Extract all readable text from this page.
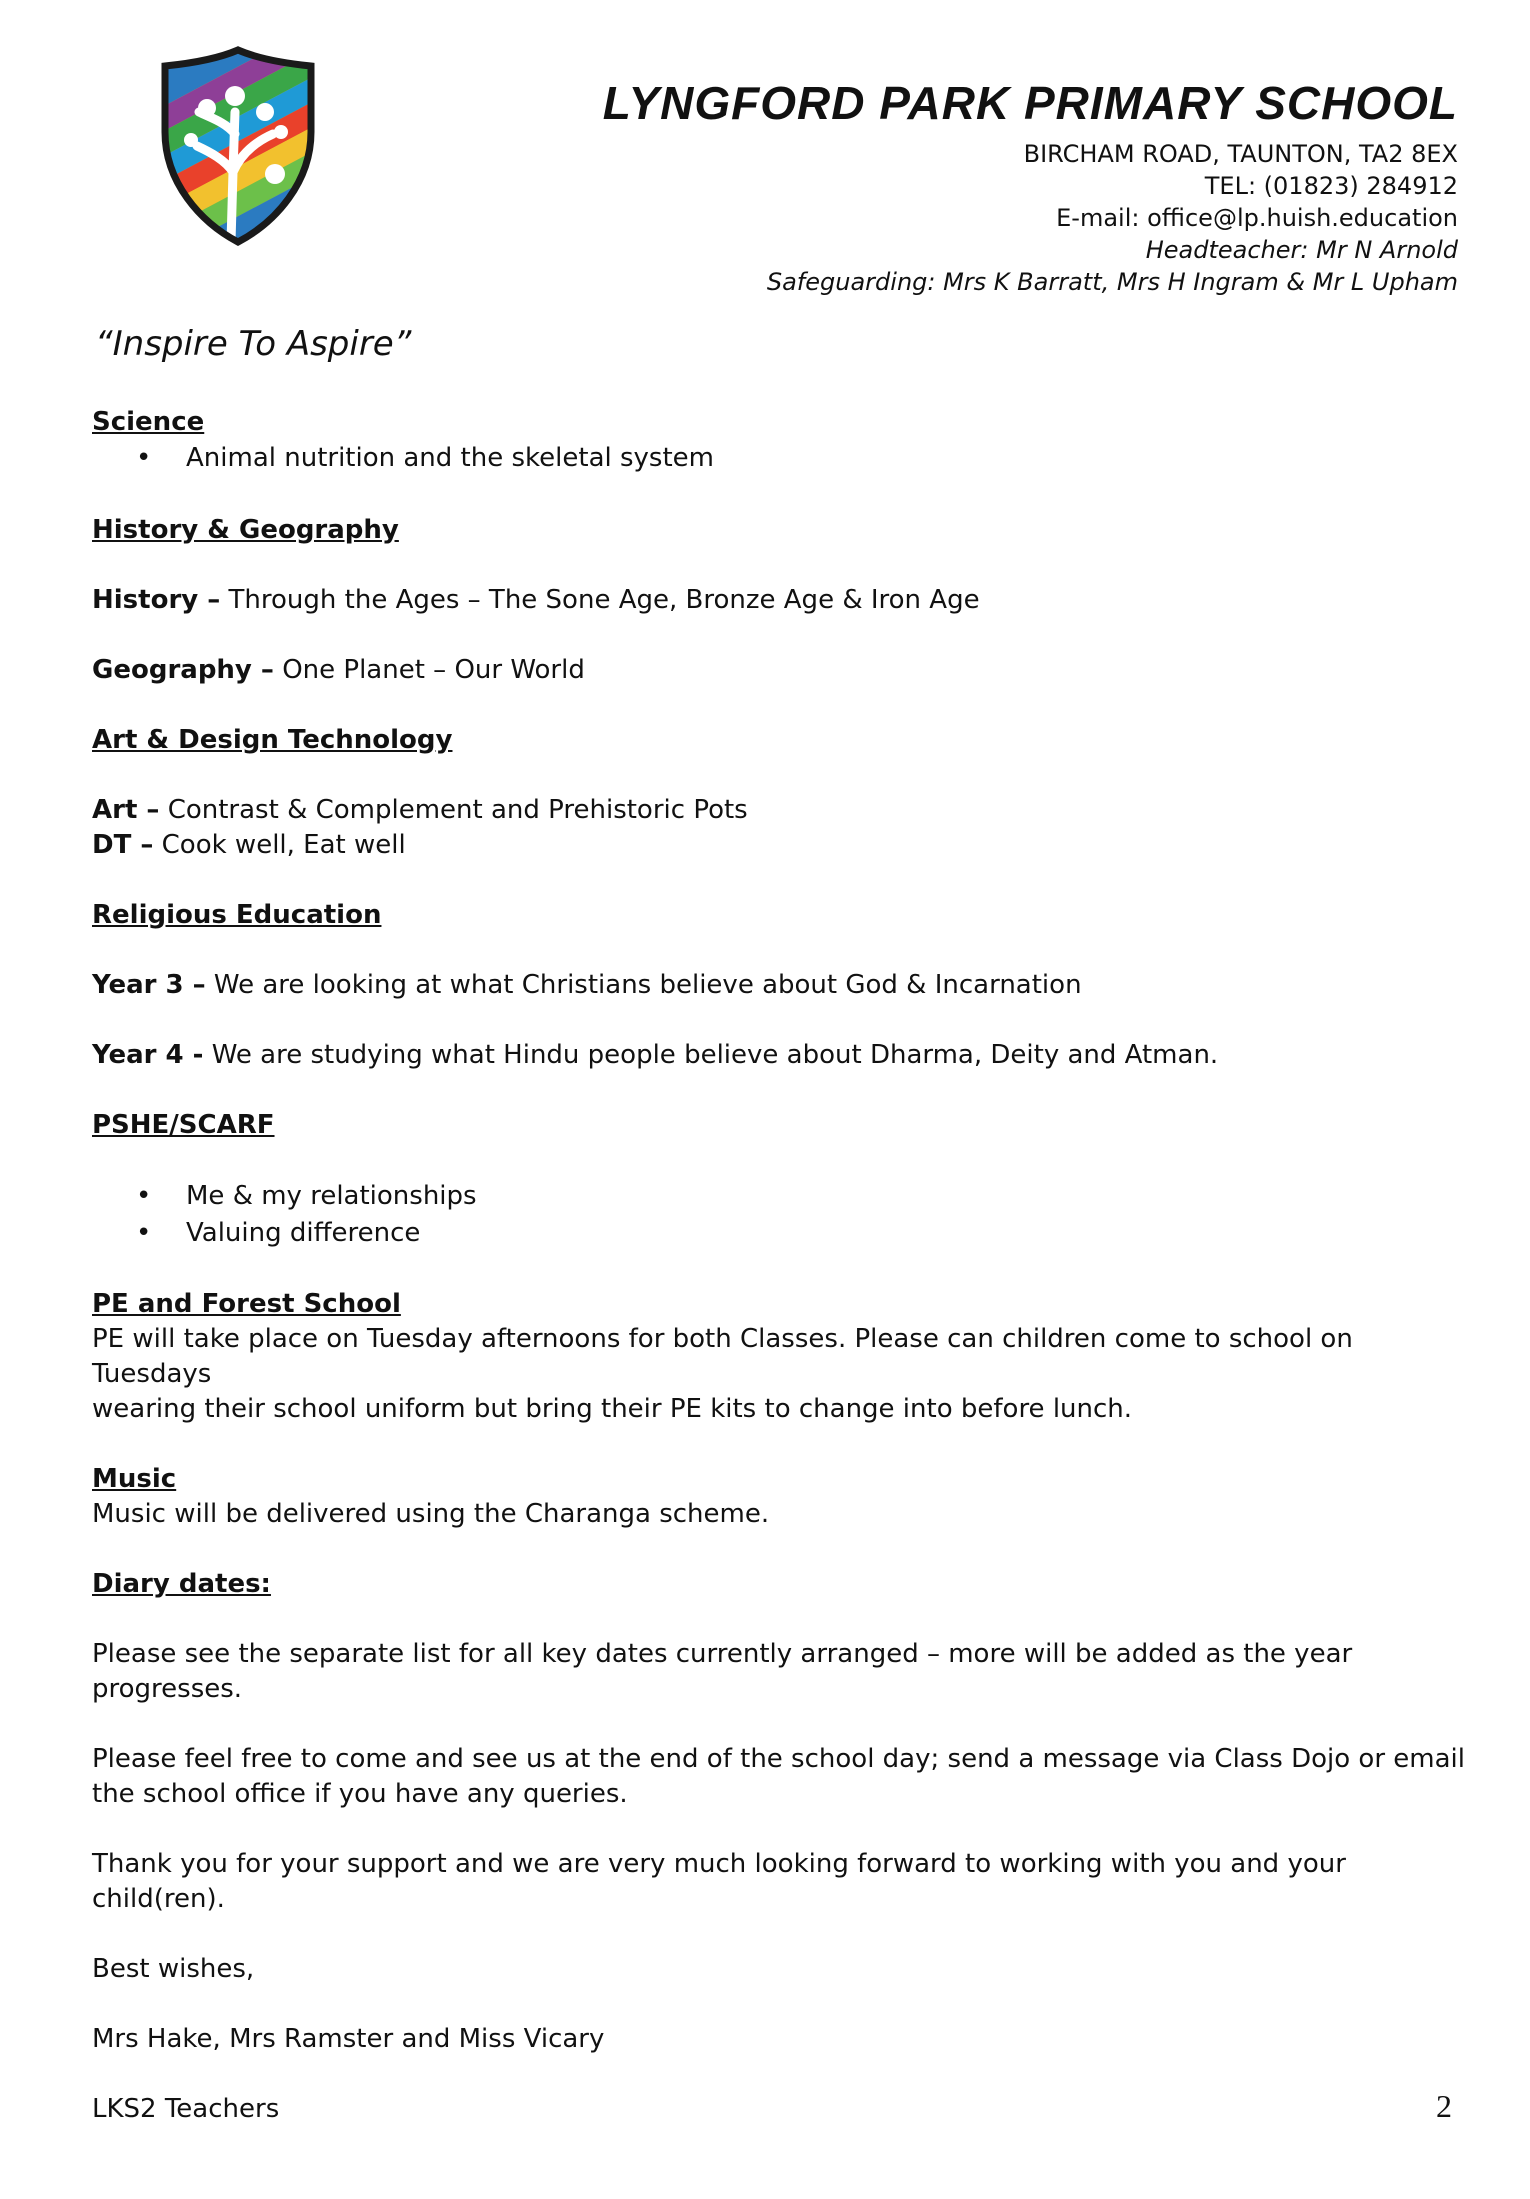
LYNGFORD PARK PRIMARY SCHOOL

BIRCHAM ROAD, TAUNTON, TA2 8EX

TEL: (01823) 284912

E-mail: office@lp.huish.education

Headteacher: Mr N Arnold

Safeguarding: Mrs K Barratt, Mrs H Ingram & Mr L Upham

“Inspire To Aspire”

Science

• Animal nutrition and the skeletal system

History & Geography

History – Through the Ages – The Sone Age, Bronze Age & Iron Age

Geography – One Planet – Our World

Art & Design Technology

Art – Contrast & Complement and Prehistoric Pots

DT – Cook well, Eat well

Religious Education

Year 3 – We are looking at what Christians believe about God & Incarnation

Year 4 - We are studying what Hindu people believe about Dharma, Deity and Atman.

PSHE/SCARF

• Me & my relationships
• Valuing difference

PE and Forest School

PE will take place on Tuesday afternoons for both Classes. Please can children come to school on Tuesdays

wearing their school uniform but bring their PE kits to change into before lunch.

Music

Music will be delivered using the Charanga scheme.

Diary dates:

Please see the separate list for all key dates currently arranged – more will be added as the year progresses.

Please feel free to come and see us at the end of the school day; send a message via Class Dojo or email

the school office if you have any queries.

Thank you for your support and we are very much looking forward to working with you and your child(ren).

Best wishes,

Mrs Hake, Mrs Ramster and Miss Vicary

LKS2 Teachers	2
